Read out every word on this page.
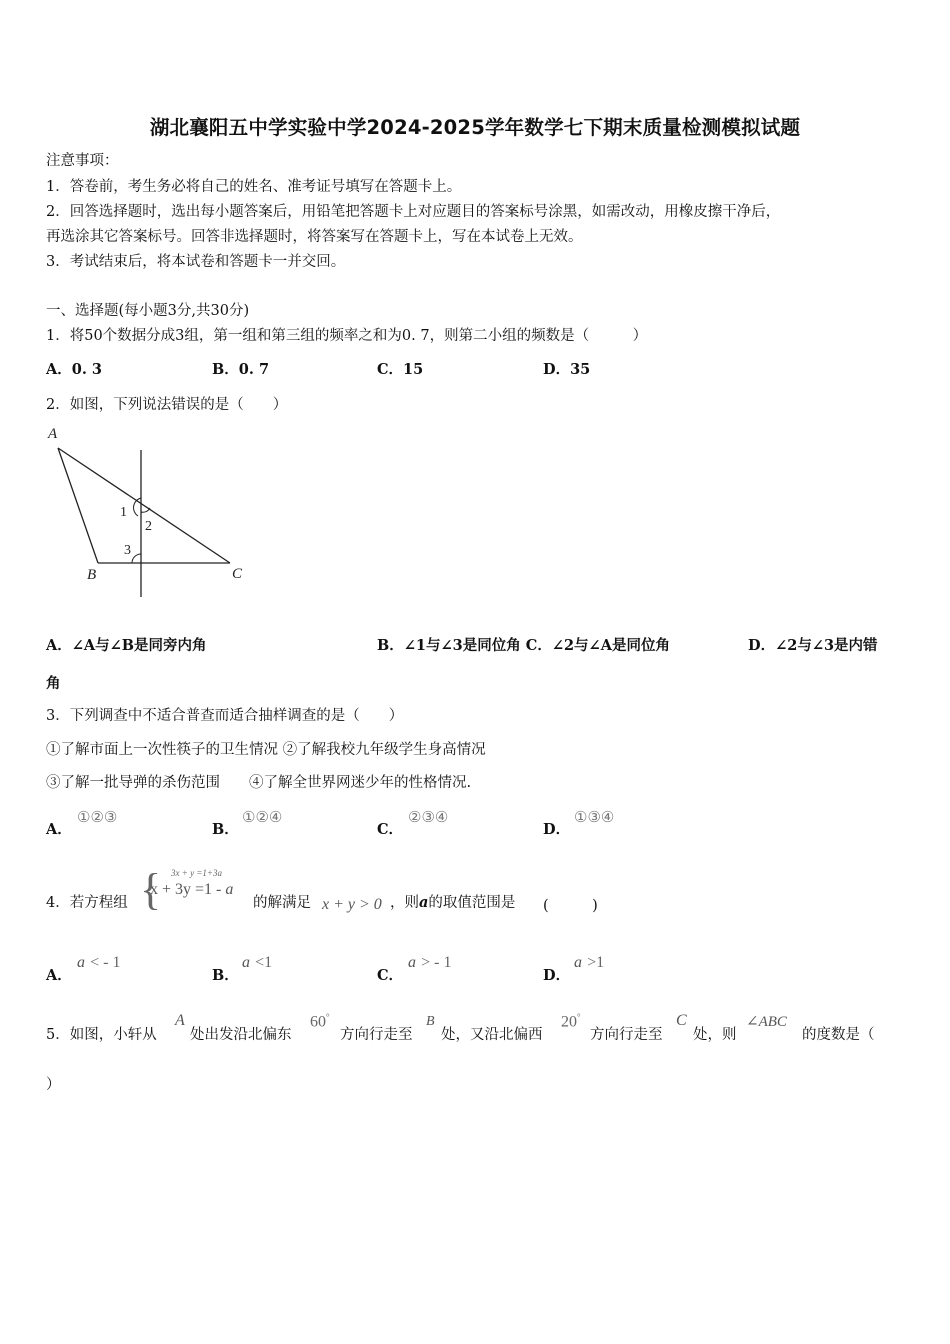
湖北襄阳五中学实验中学2024-2025学年数学七下期末质量检测模拟试题
注意事项：
1．答卷前，考生务必将自己的姓名、准考证号填写在答题卡上。
2．回答选择题时，选出每小题答案后，用铅笔把答题卡上对应题目的答案标号涂黑，如需改动，用橡皮擦干净后，
再选涂其它答案标号。回答非选择题时，将答案写在答题卡上，写在本试卷上无效。
3．考试结束后，将本试卷和答题卡一并交回。
一、选择题(每小题3分,共30分)
1．将50个数据分成3组，第一组和第三组的频率之和为0. 7，则第二小组的频数是（　　　）
A．0. 3	B．0. 7	C．15	D．35
2．如图，下列说法错误的是（　　）
A
B	C
1
2
3
A．∠A与∠B是同旁内角	B．∠1与∠3是同位角 C．∠2与∠A是同位角	D．∠2与∠3是内错
角
3．下列调查中不适合普查而适合抽样调查的是（　　）
①了解市面上一次性筷子的卫生情况 ②了解我校九年级学生身高情况
③了解一批导弹的杀伤范围　　④了解全世界网迷少年的性格情况.
A．
①②③
B．
①②④
C．
②③④
D．
①③④
4．若方程组 { 3x + y =1+3a
x + 3y =1 - a
的解满足 x + y > 0 ，则a的取值范围是 (　　　)
A．
a < - 1
B．
a <1
C．
a > - 1
D．
a >1
5．如图，小轩从
A
处出发沿北偏东
60°
方向行走至
B
处，又沿北偏西
20°
方向行走至
C
处，则
∠ABC
的度数是（
）
